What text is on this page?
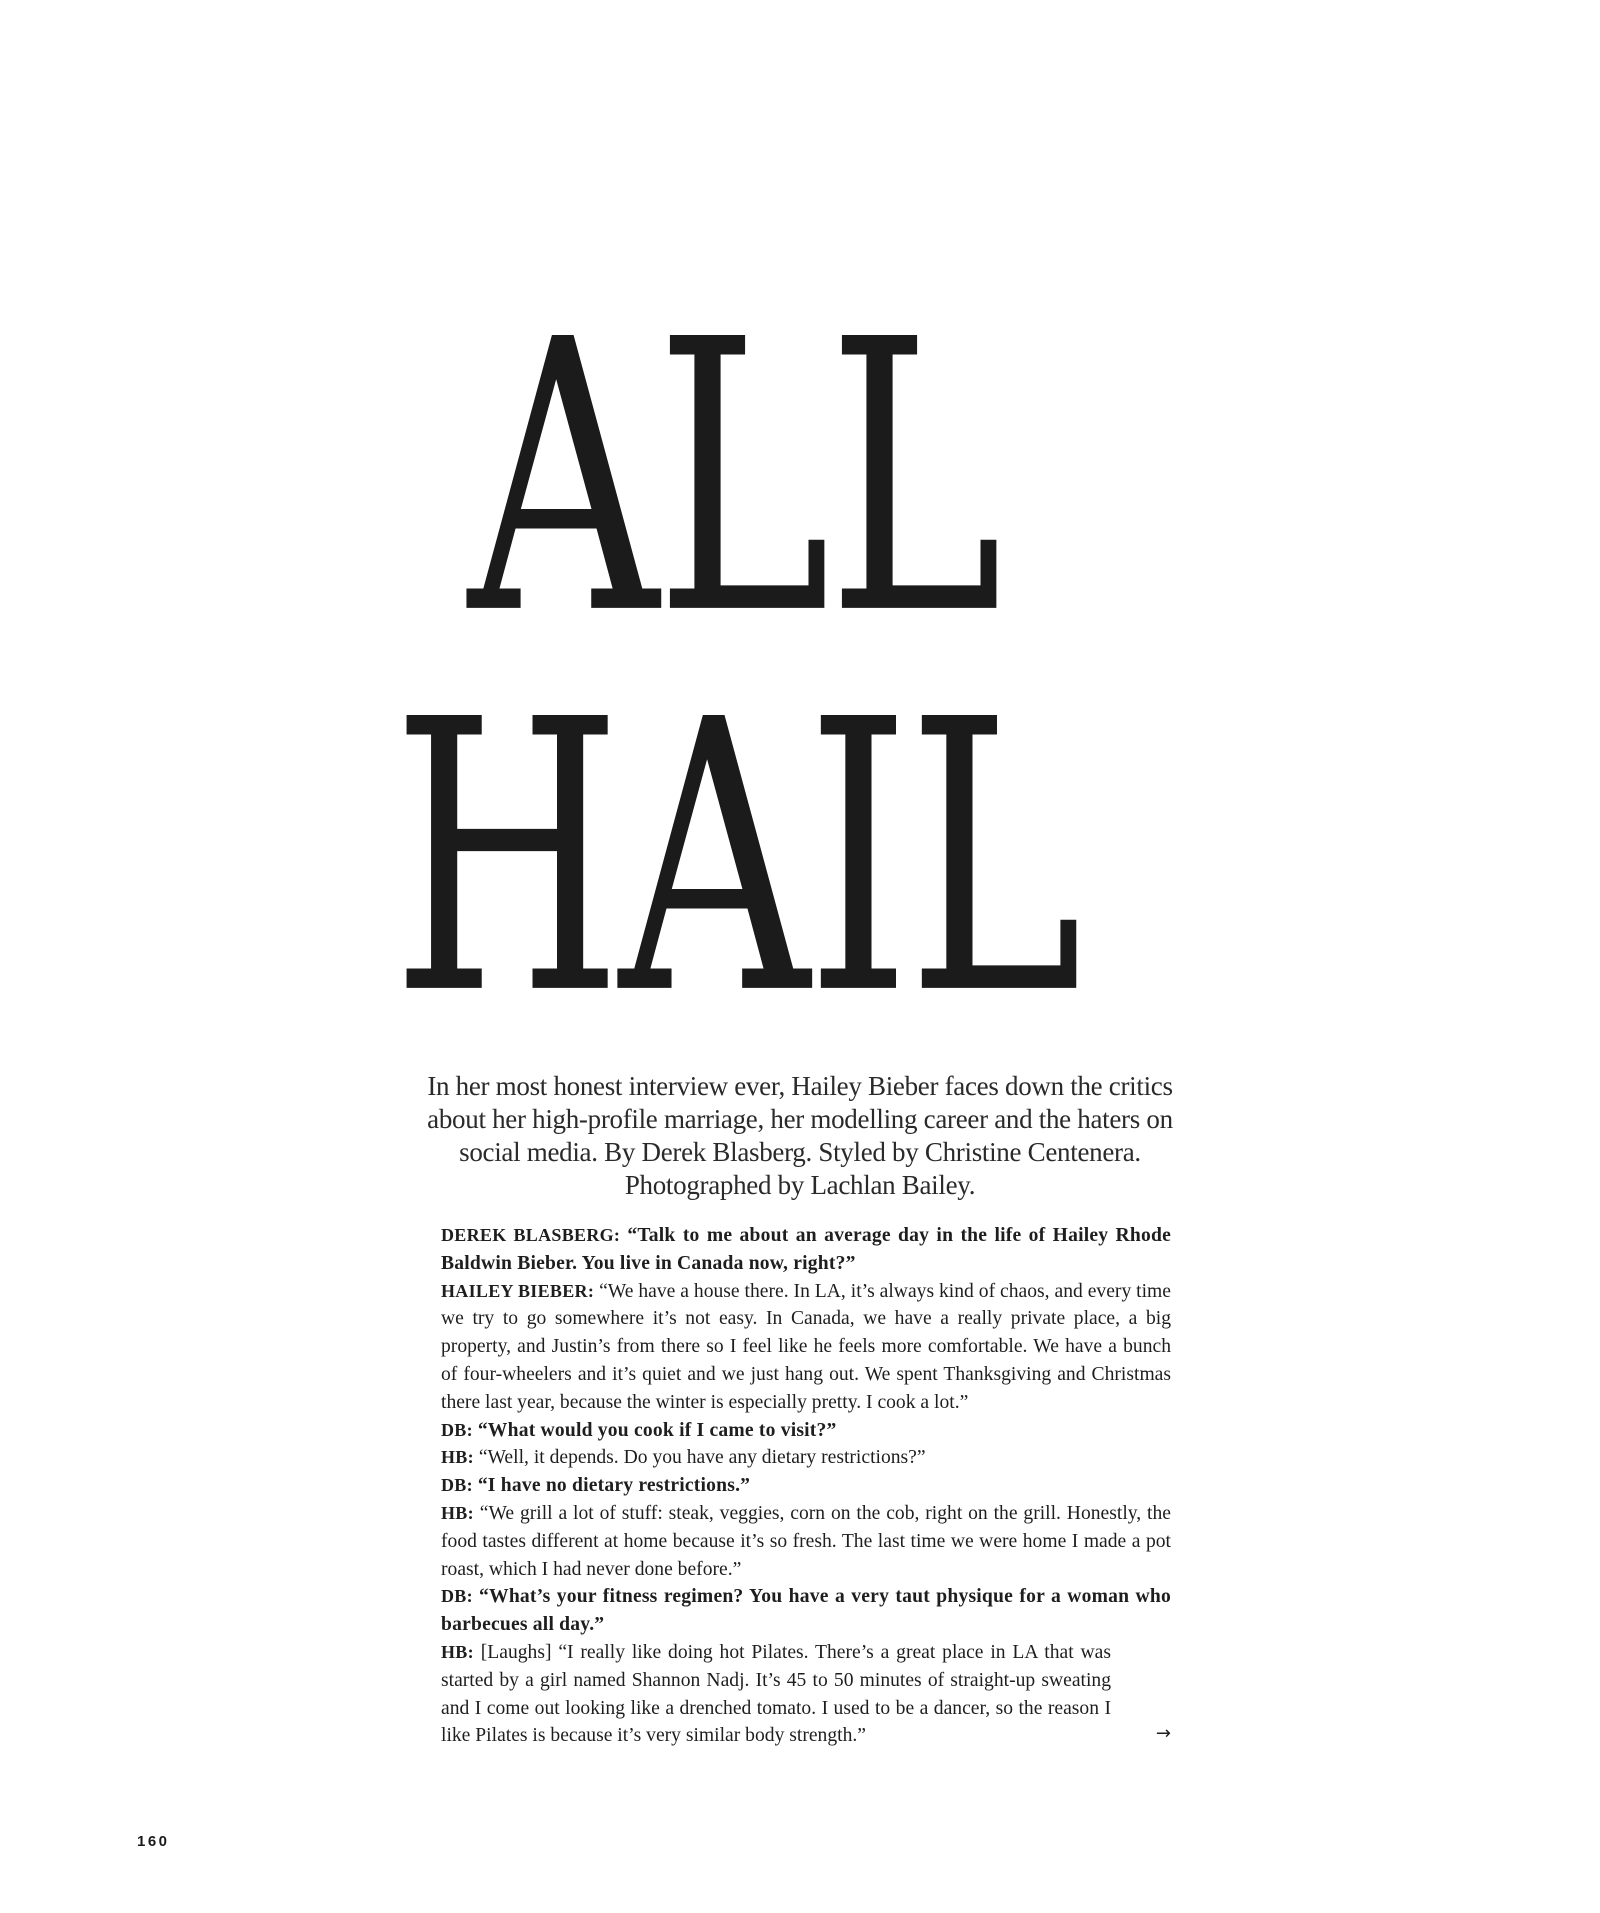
ALL
HAIL

In her most honest interview ever, Hailey Bieber faces down the critics about her high-profile marriage, her modelling career and the haters on social media. By Derek Blasberg. Styled by Christine Centenera. Photographed by Lachlan Bailey.

DEREK BLASBERG: “Talk to me about an average day in the life of Hailey Rhode Baldwin Bieber. You live in Canada now, right?”

HAILEY BIEBER: “We have a house there. In LA, it’s always kind of chaos, and every time we try to go somewhere it’s not easy. In Canada, we have a really private place, a big property, and Justin’s from there so I feel like he feels more comfortable. We have a bunch of four-wheelers and it’s quiet and we just hang out. We spent Thanksgiving and Christmas there last year, because the winter is especially pretty. I cook a lot.”

DB: “What would you cook if I came to visit?”

HB: “Well, it depends. Do you have any dietary restrictions?”

DB: “I have no dietary restrictions.”

HB: “We grill a lot of stuff: steak, veggies, corn on the cob, right on the grill. Honestly, the food tastes different at home because it’s so fresh. The last time we were home I made a pot roast, which I had never done before.”

DB: “What’s your fitness regimen? You have a very taut physique for a woman who barbecues all day.”

HB: [Laughs] “I really like doing hot Pilates. There’s a great place in LA that was started by a girl named Shannon Nadj. It’s 45 to 50 minutes of straight-up sweating and I come out looking like a drenched tomato. I used to be a dancer, so the reason I like Pilates is because it’s very similar body strength.”	→

160
